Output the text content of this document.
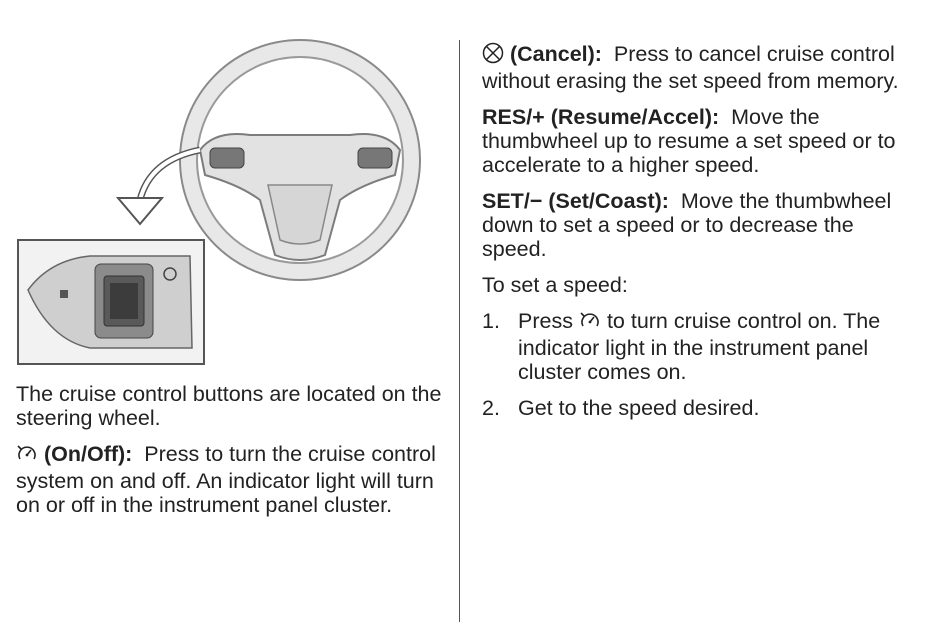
The cruise control buttons are located on the steering wheel.

(On/Off): Press to turn the cruise control system on and off. An indicator light will turn on or off in the instrument panel cluster.

(Cancel): Press to cancel cruise control without erasing the set speed from memory.

RES/+ (Resume/Accel): Move the thumbwheel up to resume a set speed or to accelerate to a higher speed.

SET/− (Set/Coast): Move the thumbwheel down to set a speed or to decrease the speed.

To set a speed:

1. Press to turn cruise control on. The indicator light in the instrument panel cluster comes on.
2. Get to the speed desired.
